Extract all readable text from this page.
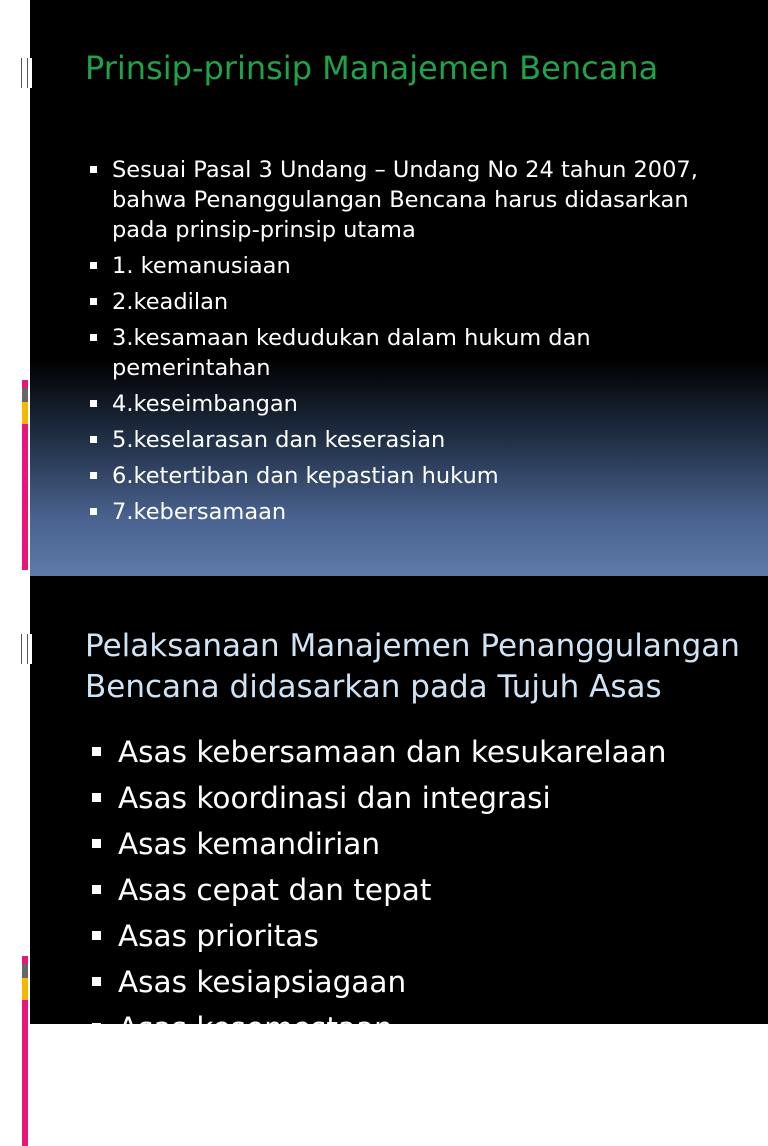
Prinsip-prinsip Manajemen Bencana
Sesuai Pasal 3 Undang – Undang No 24 tahun 2007, bahwa Penanggulangan Bencana harus didasarkan pada prinsip-prinsip utama
1. kemanusiaan
2.keadilan
3.kesamaan kedudukan dalam hukum dan pemerintahan
4.keseimbangan
5.keselarasan dan keserasian
6.ketertiban dan kepastian hukum
7.kebersamaan
Pelaksanaan Manajemen Penanggulangan Bencana didasarkan pada Tujuh Asas
Asas kebersamaan dan kesukarelaan
Asas koordinasi dan integrasi
Asas kemandirian
Asas cepat dan tepat
Asas prioritas
Asas kesiapsiagaan
Asas kesemestaan
